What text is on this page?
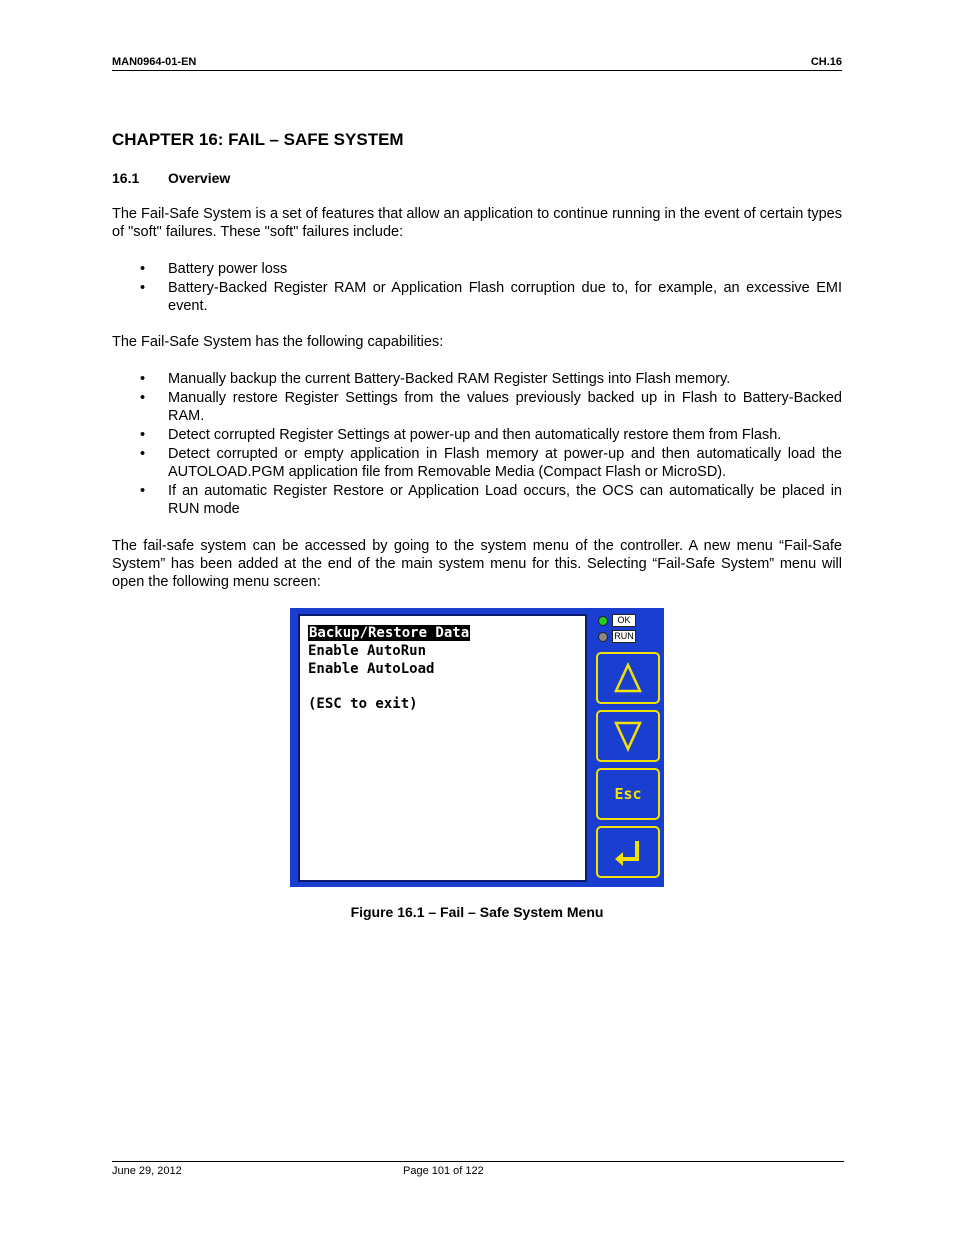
MAN0964-01-EN	CH.16
CHAPTER 16: FAIL – SAFE SYSTEM
16.1 Overview

The Fail-Safe System is a set of features that allow an application to continue running in the event of certain types of "soft" failures. These "soft" failures include:

• Battery power loss
• Battery-Backed Register RAM or Application Flash corruption due to, for example, an excessive EMI event.

The Fail-Safe System has the following capabilities:

• Manually backup the current Battery-Backed RAM Register Settings into Flash memory.
• Manually restore Register Settings from the values previously backed up in Flash to Battery-Backed RAM.
• Detect corrupted Register Settings at power-up and then automatically restore them from Flash.
• Detect corrupted or empty application in Flash memory at power-up and then automatically load the AUTOLOAD.PGM application file from Removable Media (Compact Flash or MicroSD).
• If an automatic Register Restore or Application Load occurs, the OCS can automatically be placed in RUN mode

The fail-safe system can be accessed by going to the system menu of the controller. A new menu “Fail-Safe System” has been added at the end of the main system menu for this. Selecting “Fail-Safe System” menu will open the following menu screen:

Backup/Restore Data
Enable AutoRun
Enable AutoLoad
(ESC to exit)
OK
RUN
Esc
Figure 16.1 – Fail – Safe System Menu
June 29, 2012	Page 101 of 122
